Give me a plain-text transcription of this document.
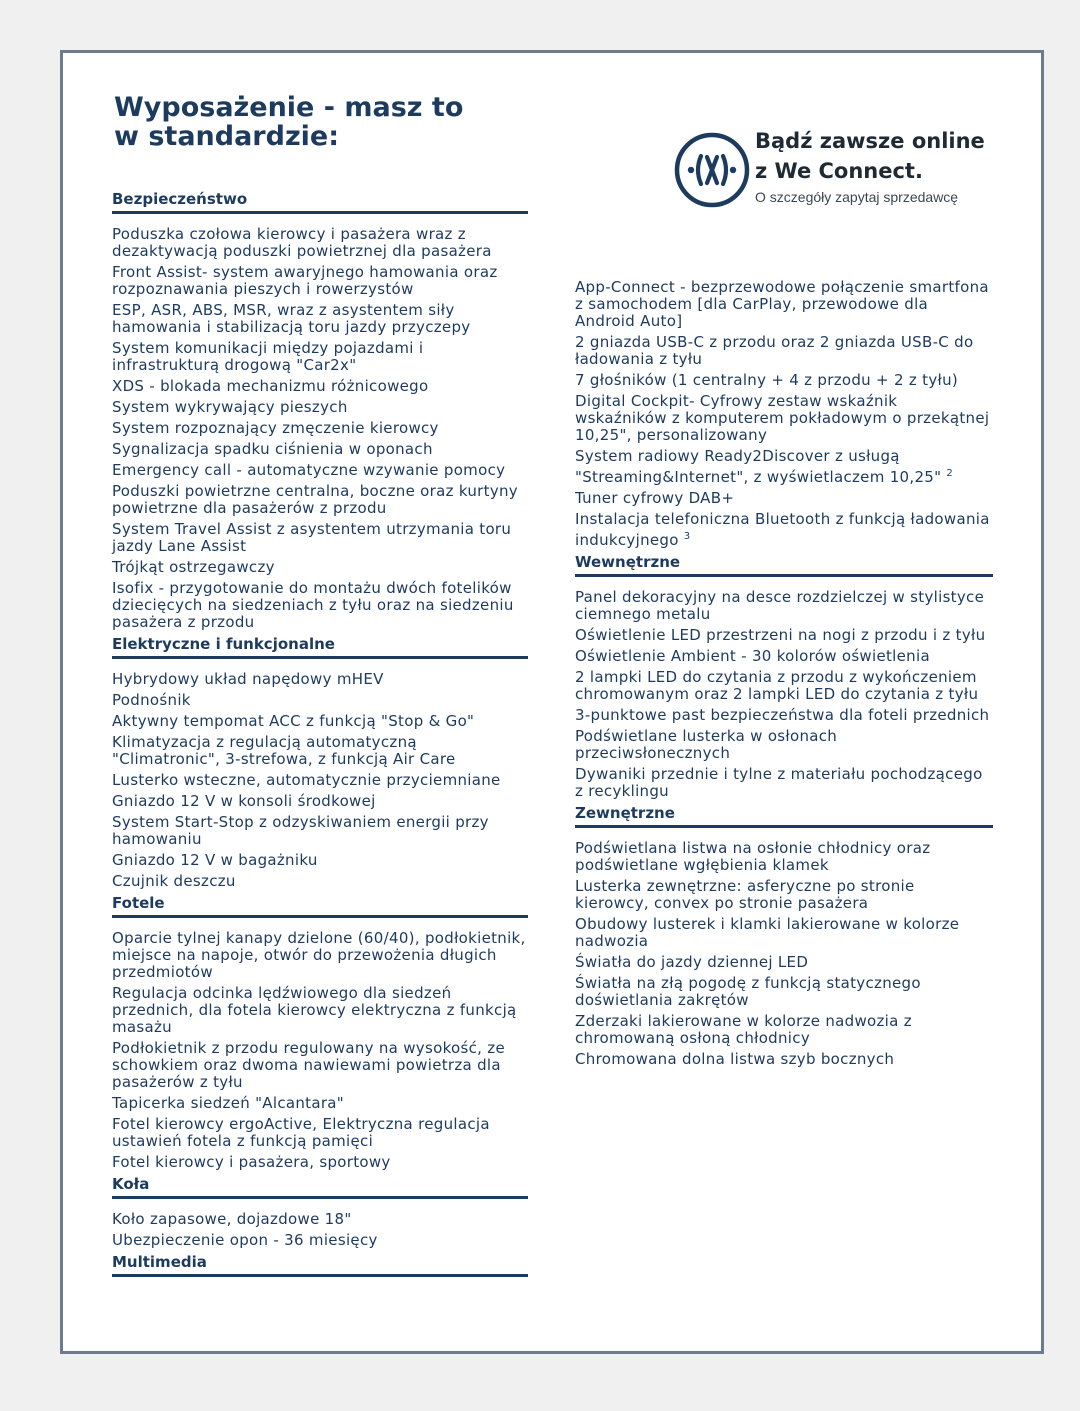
Wyposażenie - masz to
w standardzie:	Bądź zawsze online
z We Connect.
O szczegóły zapytaj sprzedawcę
Bezpieczeństwo
Poduszka czołowa kierowcy i pasażera wraz z dezaktywacją poduszki powietrznej dla pasażera
Front Assist- system awaryjnego hamowania oraz rozpoznawania pieszych i rowerzystów
ESP, ASR, ABS, MSR, wraz z asystentem siły hamowania i stabilizacją toru jazdy przyczepy
System komunikacji między pojazdami i infrastrukturą drogową "Car2x"
XDS - blokada mechanizmu różnicowego
System wykrywający pieszych
System rozpoznający zmęczenie kierowcy
Sygnalizacja spadku ciśnienia w oponach
Emergency call - automatyczne wzywanie pomocy
Poduszki powietrzne centralna, boczne oraz kurtyny powietrzne dla pasażerów z przodu
System Travel Assist z asystentem utrzymania toru jazdy Lane Assist
Trójkąt ostrzegawczy
Isofix - przygotowanie do montażu dwóch fotelików dziecięcych na siedzeniach z tyłu oraz na siedzeniu pasażera z przodu
Elektryczne i funkcjonalne
Hybrydowy układ napędowy mHEV
Podnośnik
Aktywny tempomat ACC z funkcją "Stop & Go"
Klimatyzacja z regulacją automatyczną "Climatronic", 3-strefowa, z funkcją Air Care
Lusterko wsteczne, automatycznie przyciemniane
Gniazdo 12 V w konsoli środkowej
System Start-Stop z odzyskiwaniem energii przy hamowaniu
Gniazdo 12 V w bagażniku
Czujnik deszczu
Fotele
Oparcie tylnej kanapy dzielone (60/40), podłokietnik, miejsce na napoje, otwór do przewożenia długich przedmiotów
Regulacja odcinka lędźwiowego dla siedzeń przednich, dla fotela kierowcy elektryczna z funkcją masażu
Podłokietnik z przodu regulowany na wysokość, ze schowkiem oraz dwoma nawiewami powietrza dla pasażerów z tyłu
Tapicerka siedzeń "Alcantara"
Fotel kierowcy ergoActive, Elektryczna regulacja ustawień fotela z funkcją pamięci
Fotel kierowcy i pasażera, sportowy
Koła
Koło zapasowe, dojazdowe 18"
Ubezpieczenie opon - 36 miesięcy
Multimedia
App-Connect - bezprzewodowe połączenie smartfona z samochodem [dla CarPlay, przewodowe dla Android Auto]
2 gniazda USB-C z przodu oraz 2 gniazda USB-C do ładowania z tyłu
7 głośników (1 centralny + 4 z przodu + 2 z tyłu)
Digital Cockpit- Cyfrowy zestaw wskaźnik wskaźników z komputerem pokładowym o przekątnej 10,25", personalizowany
System radiowy Ready2Discover z usługą "Streaming&Internet", z wyświetlaczem 10,25" $^2$
Tuner cyfrowy DAB+
Instalacja telefoniczna Bluetooth z funkcją ładowania indukcyjnego $^3$
Wewnętrzne
Panel dekoracyjny na desce rozdzielczej w stylistyce ciemnego metalu
Oświetlenie LED przestrzeni na nogi z przodu i z tyłu
Oświetlenie Ambient - 30 kolorów oświetlenia
2 lampki LED do czytania z przodu z wykończeniem chromowanym oraz 2 lampki LED do czytania z tyłu
3-punktowe past bezpieczeństwa dla foteli przednich
Podświetlane lusterka w osłonach przeciwsłonecznych
Dywaniki przednie i tylne z materiału pochodzącego z recyklingu
Zewnętrzne
Podświetlana listwa na osłonie chłodnicy oraz podświetlane wgłębienia klamek
Lusterka zewnętrzne: asferyczne po stronie kierowcy, convex po stronie pasażera
Obudowy lusterek i klamki lakierowane w kolorze nadwozia
Światła do jazdy dziennej LED
Światła na złą pogodę z funkcją statycznego doświetlania zakrętów
Zderzaki lakierowane w kolorze nadwozia z chromowaną osłoną chłodnicy
Chromowana dolna listwa szyb bocznych
